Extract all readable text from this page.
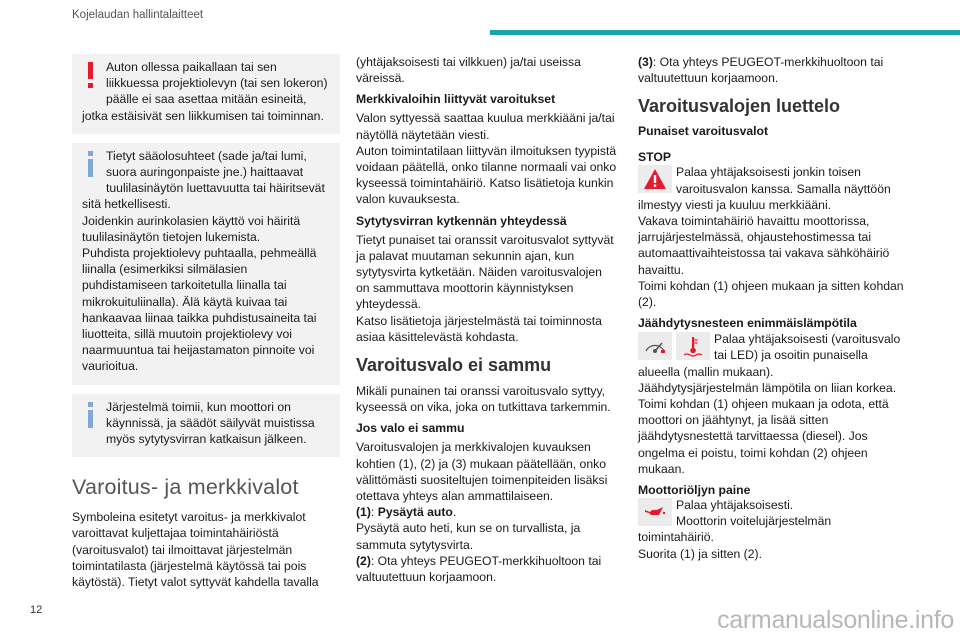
Kojelaudan hallintalaitteet
Auton ollessa paikallaan tai sen liikkuessa projektiolevyn (tai sen lokeron) päälle ei saa asettaa mitään esineitä, jotka estäisivät sen liikkumisen tai toiminnan.
Tietyt sääolosuhteet (sade ja/tai lumi, suora auringonpaiste jne.) haittaavat tuulilasinäytön luettavuutta tai häiritsevät sitä hetkellisesti.
Joidenkin aurinkolasien käyttö voi häiritä tuulilasinäytön tietojen lukemista.
Puhdista projektiolevy puhtaalla, pehmeällä liinalla (esimerkiksi silmälasien puhdistamiseen tarkoitetulla liinalla tai mikrokuituliinalla). Älä käytä kuivaa tai hankaavaa liinaa taikka puhdistusaineita tai liuotteita, sillä muutoin projektiolevy voi naarmuuntua tai heijastamaton pinnoite voi vaurioitua.
Järjestelmä toimii, kun moottori on käynnissä, ja säädöt säilyvät muistissa myös sytytysvirran katkaisun jälkeen.
Varoitus- ja merkkivalot

Symboleina esitetyt varoitus- ja merkkivalot varoittavat kuljettajaa toimintahäiriöstä (varoitusvalot) tai ilmoittavat järjestelmän toimintatilasta (järjestelmä käytössä tai pois käytöstä). Tietyt valot syttyvät kahdella tavalla

(yhtäjaksoisesti tai vilkkuen) ja/tai useissa väreissä.

Merkkivaloihin liittyvät varoitukset

Valon syttyessä saattaa kuulua merkkiääni ja/tai näytöllä näytetään viesti.

Auton toimintatilaan liittyvän ilmoituksen tyypistä voidaan päätellä, onko tilanne normaali vai onko kyseessä toimintahäiriö. Katso lisätietoja kunkin valon kuvauksesta.

Sytytysvirran kytkennän yhteydessä

Tietyt punaiset tai oranssit varoitusvalot syttyvät ja palavat muutaman sekunnin ajan, kun sytytysvirta kytketään. Näiden varoitusvalojen on sammuttava moottorin käynnistyksen yhteydessä.

Katso lisätietoja järjestelmästä tai toiminnosta asiaa käsittelevästä kohdasta.

Varoitusvalo ei sammu

Mikäli punainen tai oranssi varoitusvalo syttyy, kyseessä on vika, joka on tutkittava tarkemmin.

Jos valo ei sammu

Varoitusvalojen ja merkkivalojen kuvauksen kohtien (1), (2) ja (3) mukaan päätellään, onko välittömästi suositeltujen toimenpiteiden lisäksi otettava yhteys alan ammattilaiseen.

(1): Pysäytä auto.

Pysäytä auto heti, kun se on turvallista, ja sammuta sytytysvirta.

(2): Ota yhteys PEUGEOT-merkkihuoltoon tai valtuutettuun korjaamoon.

(3): Ota yhteys PEUGEOT-merkkihuoltoon tai valtuutettuun korjaamoon.

Varoitusvalojen luettelo
Punaiset varoitusvalot
STOP

Palaa yhtäjaksoisesti jonkin toisen varoitusvalon kanssa. Samalla näyttöön ilmestyy viesti ja kuuluu merkkiääni.

Vakava toimintahäiriö havaittu moottorissa, jarrujärjestelmässä, ohjaustehostimessa tai automaattivaihteistossa tai vakava sähköhäiriö havaittu.

Toimi kohdan (1) ohjeen mukaan ja sitten kohdan (2).

Jäähdytysnesteen enimmäislämpötila

Palaa yhtäjaksoisesti (varoitusvalo tai LED) ja osoitin punaisella alueella (mallin mukaan).

Jäähdytysjärjestelmän lämpötila on liian korkea.

Toimi kohdan (1) ohjeen mukaan ja odota, että moottori on jäähtynyt, ja lisää sitten jäähdytysnestettä tarvittaessa (diesel). Jos ongelma ei poistu, toimi kohdan (2) ohjeen mukaan.

Moottoriöljyn paine

Palaa yhtäjaksoisesti.

Moottorin voitelujärjestelmän toimintahäiriö.

Suorita (1) ja sitten (2).

12	carmanualsonline.info
